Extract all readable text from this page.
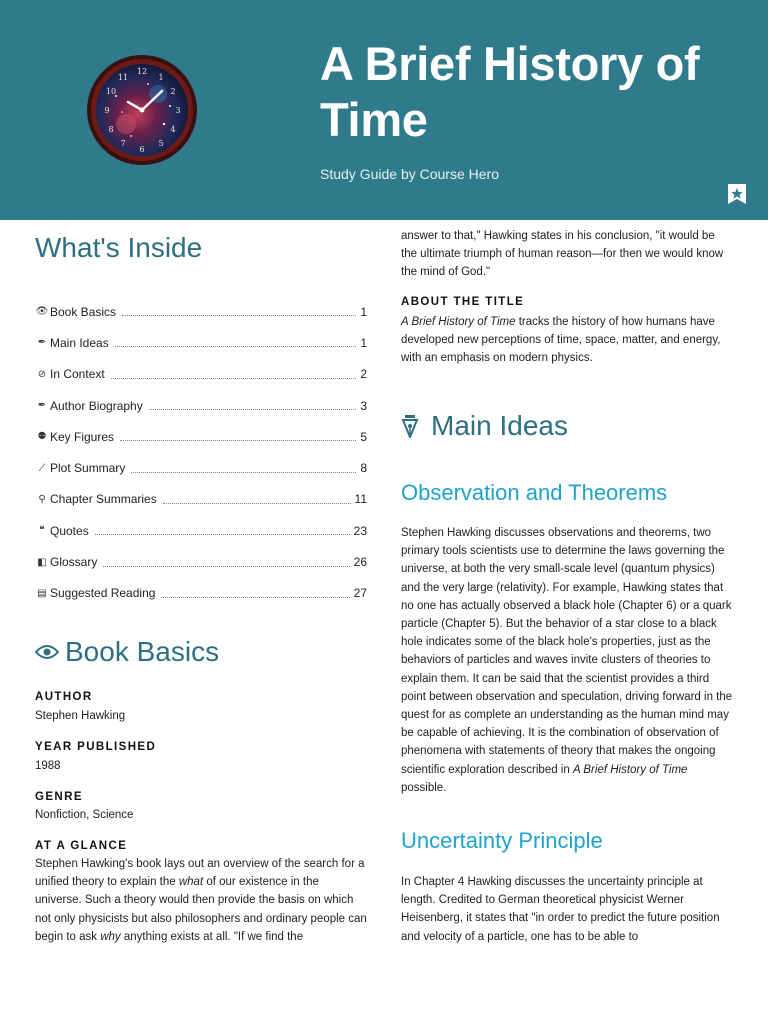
12
3
6
9
1
2
4
5
7
8
10
11	A Brief History of Time
Study Guide by Course Hero
What's Inside
👁 Book Basics	1
✒ Main Ideas	1
⊘ In Context	2
✒ Author Biography	3
⚉ Key Figures	5
⟋ Plot Summary	8
⚲ Chapter Summaries	11
❝ Quotes	23
◧ Glossary	26
▤ Suggested Reading	27
Book Basics
AUTHOR
Stephen Hawking
YEAR PUBLISHED
1988
GENRE
Nonfiction, Science
AT A GLANCE

Stephen Hawking's book lays out an overview of the search for a unified theory to explain the what of our existence in the universe. Such a theory would then provide the basis on which not only physicists but also philosophers and ordinary people can begin to ask why anything exists at all. "If we find the

answer to that," Hawking states in his conclusion, "it would be the ultimate triumph of human reason—for then we would know the mind of God."

ABOUT THE TITLE

A Brief History of Time tracks the history of how humans have developed new perceptions of time, space, matter, and energy, with an emphasis on modern physics.

Main Ideas
Observation and Theorems

Stephen Hawking discusses observations and theorems, two primary tools scientists use to determine the laws governing the universe, at both the very small-scale level (quantum physics) and the very large (relativity). For example, Hawking states that no one has actually observed a black hole (Chapter 6) or a quark particle (Chapter 5). But the behavior of a star close to a black hole indicates some of the black hole's properties, just as the behaviors of particles and waves invite clusters of theories to explain them. It can be said that the scientist provides a third point between observation and speculation, driving forward in the quest for as complete an understanding as the human mind may be capable of achieving. It is the combination of observation of phenomena with statements of theory that makes the ongoing scientific exploration described in A Brief History of Time possible.

Uncertainty Principle

In Chapter 4 Hawking discusses the uncertainty principle at length. Credited to German theoretical physicist Werner Heisenberg, it states that "in order to predict the future position and velocity of a particle, one has to be able to
